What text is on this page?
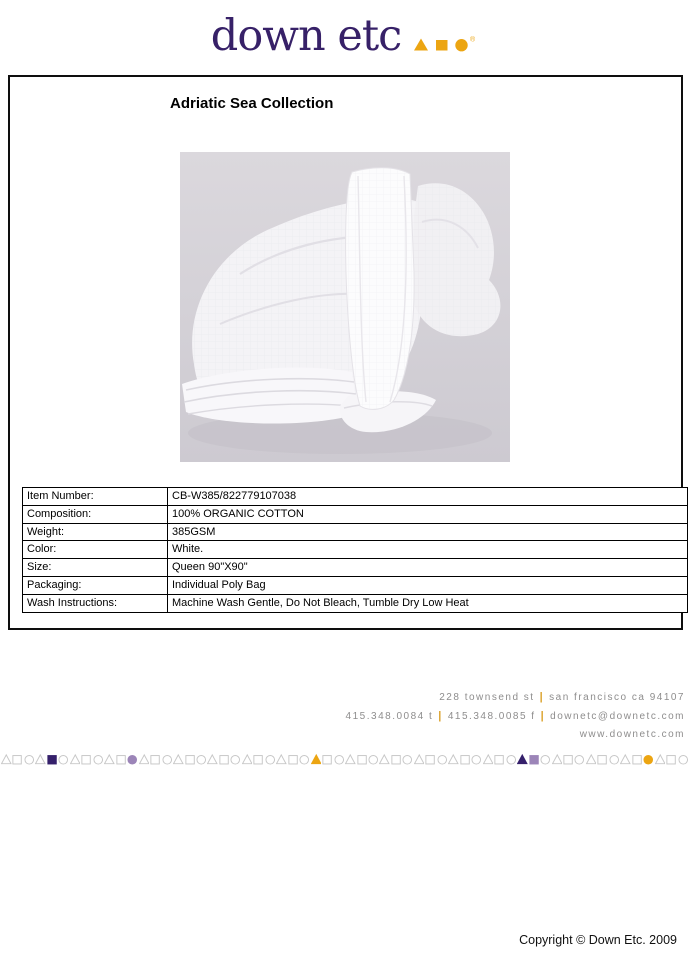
down etc	®
Adriatic Sea Collection
Item Number:	CB-W385/822779107038
Composition:	100% ORGANIC COTTON
Weight:	385GSM
Color:	White.
Size:	Queen 90"X90"
Packaging:	Individual Poly Bag
Wash Instructions:	Machine Wash Gentle, Do Not Bleach, Tumble Dry Low Heat
228 townsend st | san francisco ca 94107
415.348.0084 t | 415.348.0085 f | downetc@downetc.com
www.downetc.com
Copyright © Down Etc. 2009
